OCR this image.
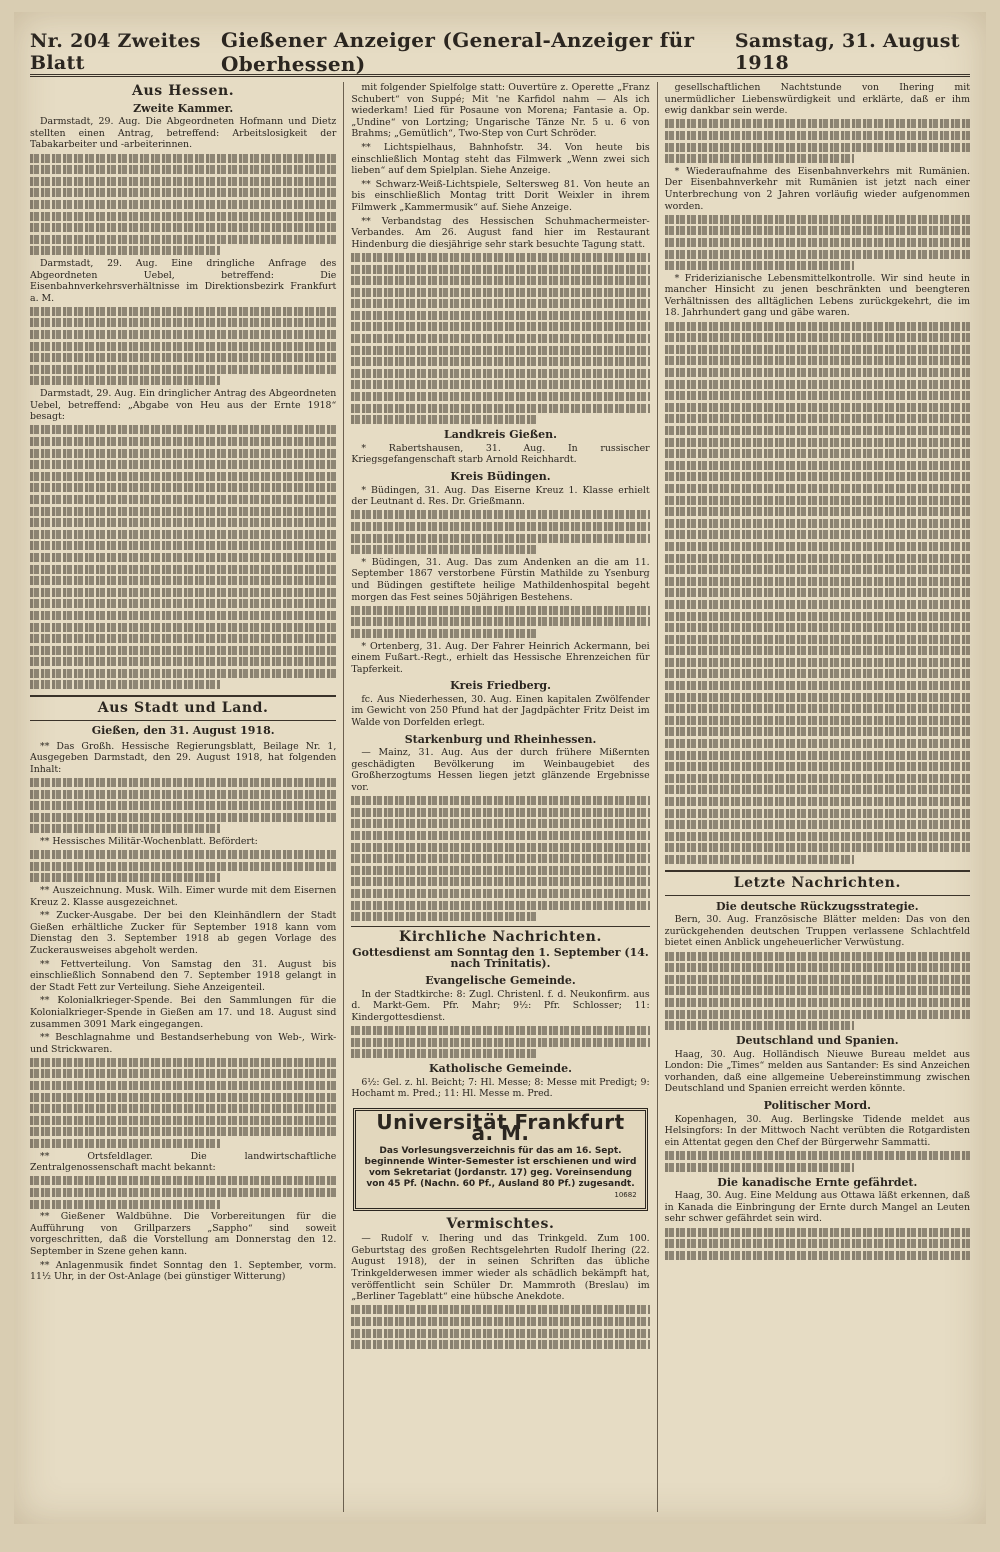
Nr. 204 Zweites Blatt
Gießener Anzeiger (General-Anzeiger für Oberhessen)
Samstag, 31. August 1918
Aus Hessen.
Zweite Kammer.

Darmstadt, 29. Aug. Die Abgeordneten Hofmann und Dietz stellten einen Antrag, betreffend: Arbeitslosigkeit der Tabakarbeiter und -arbeiterinnen.

Darmstadt, 29. Aug. Eine dringliche Anfrage des Abgeordneten Uebel, betreffend: Die Eisenbahnverkehrsverhältnisse im Direktionsbezirk Frankfurt a. M.

Darmstadt, 29. Aug. Ein dringlicher Antrag des Abgeordneten Uebel, betreffend: „Abgabe von Heu aus der Ernte 1918“ besagt:

Aus Stadt und Land.
Gießen, den 31. August 1918.

** Das Großh. Hessische Regierungsblatt, Beilage Nr. 1, Ausgegeben Darmstadt, den 29. August 1918, hat folgenden Inhalt:

** Hessisches Militär-Wochenblatt. Befördert:

** Auszeichnung. Musk. Wilh. Eimer wurde mit dem Eisernen Kreuz 2. Klasse ausgezeichnet.

** Zucker-Ausgabe. Der bei den Kleinhändlern der Stadt Gießen erhältliche Zucker für September 1918 kann vom Dienstag den 3. September 1918 ab gegen Vorlage des Zuckerausweises abgeholt werden.

** Fettverteilung. Von Samstag den 31. August bis einschließlich Sonnabend den 7. September 1918 gelangt in der Stadt Fett zur Verteilung. Siehe Anzeigenteil.

** Kolonialkrieger-Spende. Bei den Sammlungen für die Kolonialkrieger-Spende in Gießen am 17. und 18. August sind zusammen 3091 Mark eingegangen.

** Beschlagnahme und Bestandserhebung von Web-, Wirk- und Strickwaren.

** Ortsfeldlager. Die landwirtschaftliche Zentralgenossenschaft macht bekannt:

** Gießener Waldbühne. Die Vorbereitungen für die Aufführung von Grillparzers „Sappho“ sind soweit vorgeschritten, daß die Vorstellung am Donnerstag den 12. September in Szene gehen kann.

** Anlagenmusik findet Sonntag den 1. September, vorm. 11½ Uhr, in der Ost-Anlage (bei günstiger Witterung)

mit folgender Spielfolge statt: Ouvertüre z. Operette „Franz Schubert“ von Suppé; Mit 'ne Karfidol nahm — Als ich wiederkam! Lied für Posaune von Morena; Fantasie a. Op. „Undine“ von Lortzing; Ungarische Tänze Nr. 5 u. 6 von Brahms; „Gemütlich“, Two-Step von Curt Schröder.

** Lichtspielhaus, Bahnhofstr. 34. Von heute bis einschließlich Montag steht das Filmwerk „Wenn zwei sich lieben“ auf dem Spielplan. Siehe Anzeige.

** Schwarz-Weiß-Lichtspiele, Seltersweg 81. Von heute an bis einschließlich Montag tritt Dorit Weixler in ihrem Filmwerk „Kammermusik“ auf. Siehe Anzeige.

** Verbandstag des Hessischen Schuhmachermeister-Verbandes. Am 26. August fand hier im Restaurant Hindenburg die diesjährige sehr stark besuchte Tagung statt.

Landkreis Gießen.

* Rabertshausen, 31. Aug. In russischer Kriegsgefangenschaft starb Arnold Reichhardt.

Kreis Büdingen.

* Büdingen, 31. Aug. Das Eiserne Kreuz 1. Klasse erhielt der Leutnant d. Res. Dr. Grießmann.

* Büdingen, 31. Aug. Das zum Andenken an die am 11. September 1867 verstorbene Fürstin Mathilde zu Ysenburg und Büdingen gestiftete heilige Mathildenhospital begeht morgen das Fest seines 50jährigen Bestehens.

* Ortenberg, 31. Aug. Der Fahrer Heinrich Ackermann, bei einem Fußart.-Regt., erhielt das Hessische Ehrenzeichen für Tapferkeit.

Kreis Friedberg.

fc. Aus Niederhessen, 30. Aug. Einen kapitalen Zwölfender im Gewicht von 250 Pfund hat der Jagdpächter Fritz Deist im Walde von Dorfelden erlegt.

Starkenburg und Rheinhessen.

— Mainz, 31. Aug. Aus der durch frühere Mißernten geschädigten Bevölkerung im Weinbaugebiet des Großherzogtums Hessen liegen jetzt glänzende Ergebnisse vor.

Kirchliche Nachrichten.
Gottesdienst am Sonntag den 1. September (14. nach Trinitatis).
Evangelische Gemeinde.

In der Stadtkirche: 8: Zugl. Christenl. f. d. Neukonfirm. aus d. Markt-Gem. Pfr. Mahr; 9½: Pfr. Schlosser; 11: Kindergottesdienst.

Katholische Gemeinde.

6½: Gel. z. hl. Beicht; 7: Hl. Messe; 8: Messe mit Predigt; 9: Hochamt m. Pred.; 11: Hl. Messe m. Pred.

Universität Frankfurt a. M.
Das Vorlesungsverzeichnis für das am 16. Sept. beginnende Winter-Semester ist erschienen und wird vom Sekretariat (Jordanstr. 17) geg. Voreinsendung von 45 Pf. (Nachn. 60 Pf., Ausland 80 Pf.) zugesandt.
10682
Vermischtes.

— Rudolf v. Ihering und das Trinkgeld. Zum 100. Geburtstag des großen Rechtsgelehrten Rudolf Ihering (22. August 1918), der in seinen Schriften das übliche Trinkgelderwesen immer wieder als schädlich bekämpft hat, veröffentlicht sein Schüler Dr. Mammroth (Breslau) im „Berliner Tageblatt“ eine hübsche Anekdote.

gesellschaftlichen Nachtstunde von Ihering mit unermüdlicher Liebenswürdigkeit und erklärte, daß er ihm ewig dankbar sein werde.

* Wiederaufnahme des Eisenbahnverkehrs mit Rumänien. Der Eisenbahnverkehr mit Rumänien ist jetzt nach einer Unterbrechung von 2 Jahren vorläufig wieder aufgenommen worden.

* Friderizianische Lebensmittelkontrolle. Wir sind heute in mancher Hinsicht zu jenen beschränkten und beengteren Verhältnissen des alltäglichen Lebens zurückgekehrt, die im 18. Jahrhundert gang und gäbe waren.

Letzte Nachrichten.
Die deutsche Rückzugsstrategie.

Bern, 30. Aug. Französische Blätter melden: Das von den zurückgehenden deutschen Truppen verlassene Schlachtfeld bietet einen Anblick ungeheuerlicher Verwüstung.

Deutschland und Spanien.

Haag, 30. Aug. Holländisch Nieuwe Bureau meldet aus London: Die „Times“ melden aus Santander: Es sind Anzeichen vorhanden, daß eine allgemeine Uebereinstimmung zwischen Deutschland und Spanien erreicht werden könnte.

Politischer Mord.

Kopenhagen, 30. Aug. Berlingske Tidende meldet aus Helsingfors: In der Mittwoch Nacht verübten die Rotgardisten ein Attentat gegen den Chef der Bürgerwehr Sammatti.

Die kanadische Ernte gefährdet.

Haag, 30. Aug. Eine Meldung aus Ottawa läßt erkennen, daß in Kanada die Einbringung der Ernte durch Mangel an Leuten sehr schwer gefährdet sein wird.
